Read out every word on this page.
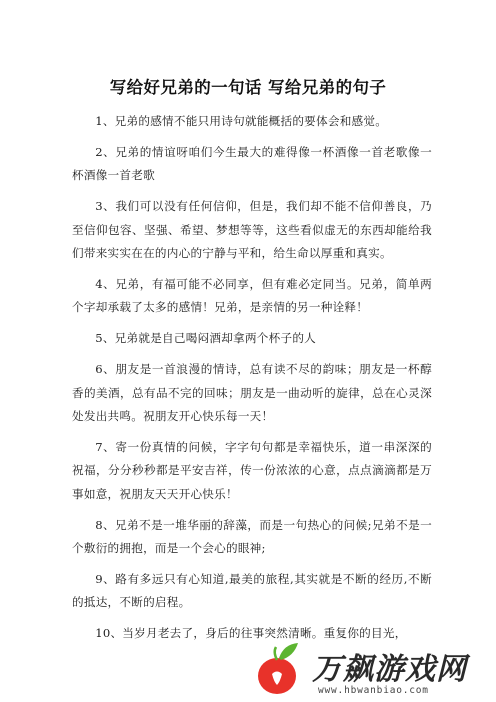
写给好兄弟的一句话 写给兄弟的句子

1、兄弟的感情不能只用诗句就能概括的要体会和感觉。

2、兄弟的情谊呀咱们今生最大的难得像一杯酒像一首老歌像一杯酒像一首老歌

3、我们可以没有任何信仰，但是，我们却不能不信仰善良，乃至信仰包容、坚强、希望、梦想等等，这些看似虚无的东西却能给我们带来实实在在的内心的宁静与平和，给生命以厚重和真实。

4、兄弟，有福可能不必同享，但有难必定同当。兄弟，简单两个字却承载了太多的感情！兄弟，是亲情的另一种诠释！

5、兄弟就是自己喝闷酒却拿两个杯子的人

6、朋友是一首浪漫的情诗，总有读不尽的韵味；朋友是一杯醇香的美酒，总有品不完的回味；朋友是一曲动听的旋律，总在心灵深处发出共鸣。祝朋友开心快乐每一天！

7、寄一份真情的问候，字字句句都是幸福快乐，道一串深深的祝福，分分秒秒都是平安吉祥，传一份浓浓的心意，点点滴滴都是万事如意，祝朋友天天开心快乐！

8、兄弟不是一堆华丽的辞藻，而是一句热心的问候;兄弟不是一个敷衍的拥抱，而是一个会心的眼神;

9、路有多远只有心知道,最美的旅程,其实就是不断的经历,不断的抵达，不断的启程。

10、当岁月老去了，身后的往事突然清晰。重复你的目光，

万飙游戏网
www.hbwanbiao.com
